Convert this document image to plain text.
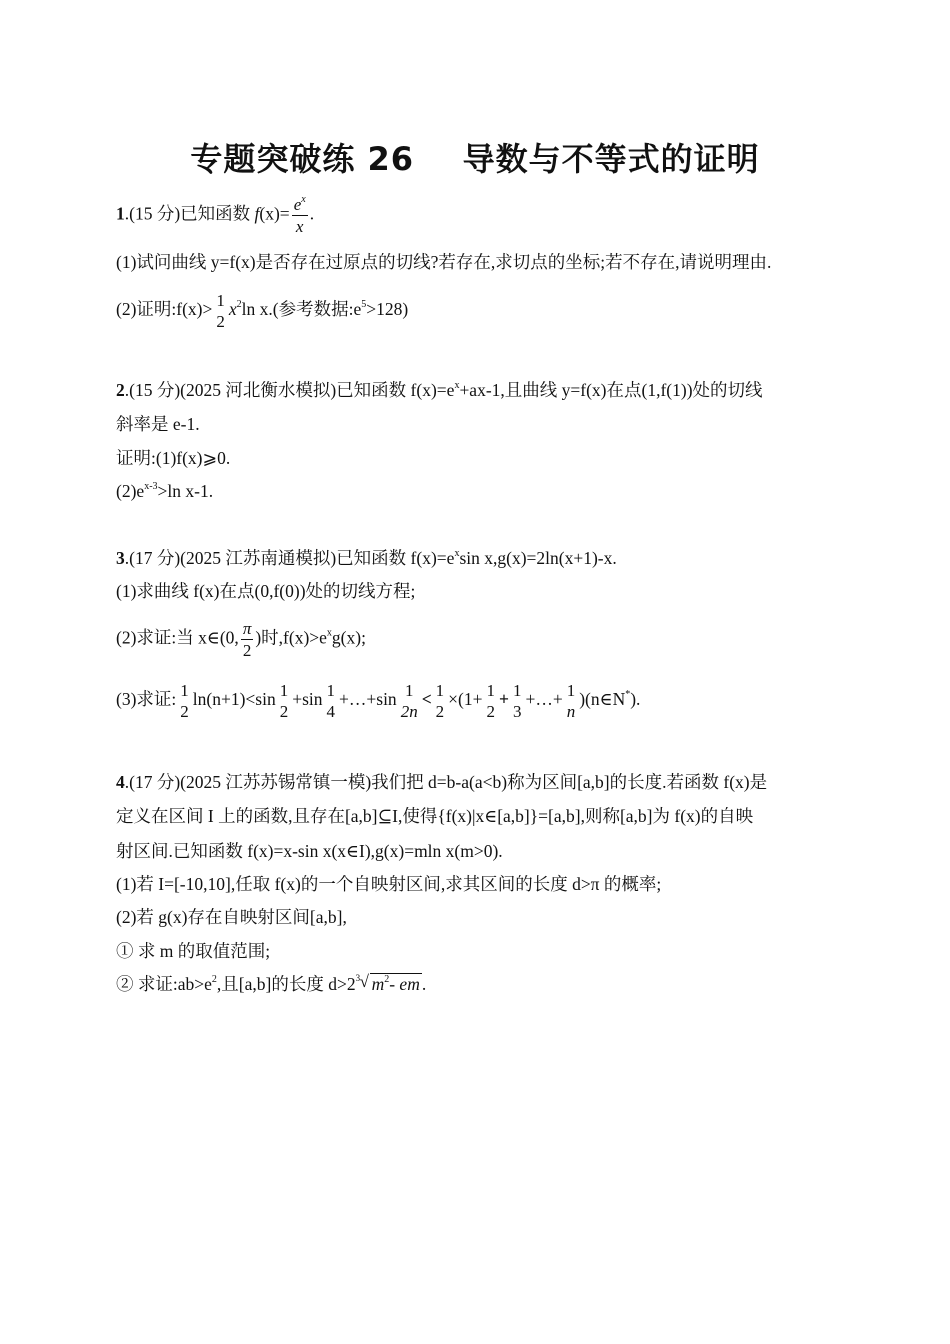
专题突破练 26    导数与不等式的证明
1.(15 分)已知函数 $f(x)= \frac{e^x}{x}$ .
(1)试问曲线 y=f(x)是否存在过原点的切线?若存在,求切点的坐标;若不存在,请说明理由.
(2)证明:f(x)> 1
2
$x^2\ln$ x.(参考数据$:e^5>128$)
2.(15 分)(2025 河北衡水模拟)已知函数 $f(x)=e^x+ax-1$,且曲线 y=f(x)在点(1,f(1))处的切线
斜率是 e-1.
证明:(1)f(x)⩾0.
$(2)e^{x-3}>\ln$ x-1.
3.(17 分)(2025 江苏南通模拟)已知函数 $f(x)=e^x\sin$ x,g(x)=2ln(x+1)-x.
(1)求曲线 f(x)在点(0,f(0))处的切线方程;
(2)求证:当 x∈(0, $\frac{\pi}{2}$ )时$,f(x)>e^xg(x)$;
(3)求证: 1
2
ln(n+1)<sin 1
2
+sin 1
4
+…+sin 1
2n
< 1
2
×(1+ 1
2
+ 1
3
+…+ 1
n
)(n∈N*).
4.(17 分)(2025 江苏苏锡常镇一模)我们把 d=b-a(a<b)称为区间[a,b]的长度.若函数 f(x)是
定义在区间 I 上的函数,且存在[a,b]⊆I,使得{f(x)|x∈[a,b]}=[a,b],则称[a,b]为 f(x)的自映
射区间.已知函数 f(x)=x-sin x(x∈I),g(x)=mln x(m>0).
(1)若 I=[-10,10],任取 f(x)的一个自映射区间,求其区间的长度 d>π 的概率;
(2)若 g(x)存在自映射区间[a,b],
① 求 m 的取值范围;
② 求证$:ab>e^2$,且[a,b]的长度 d>2 3 √ $m^2-$ em .
